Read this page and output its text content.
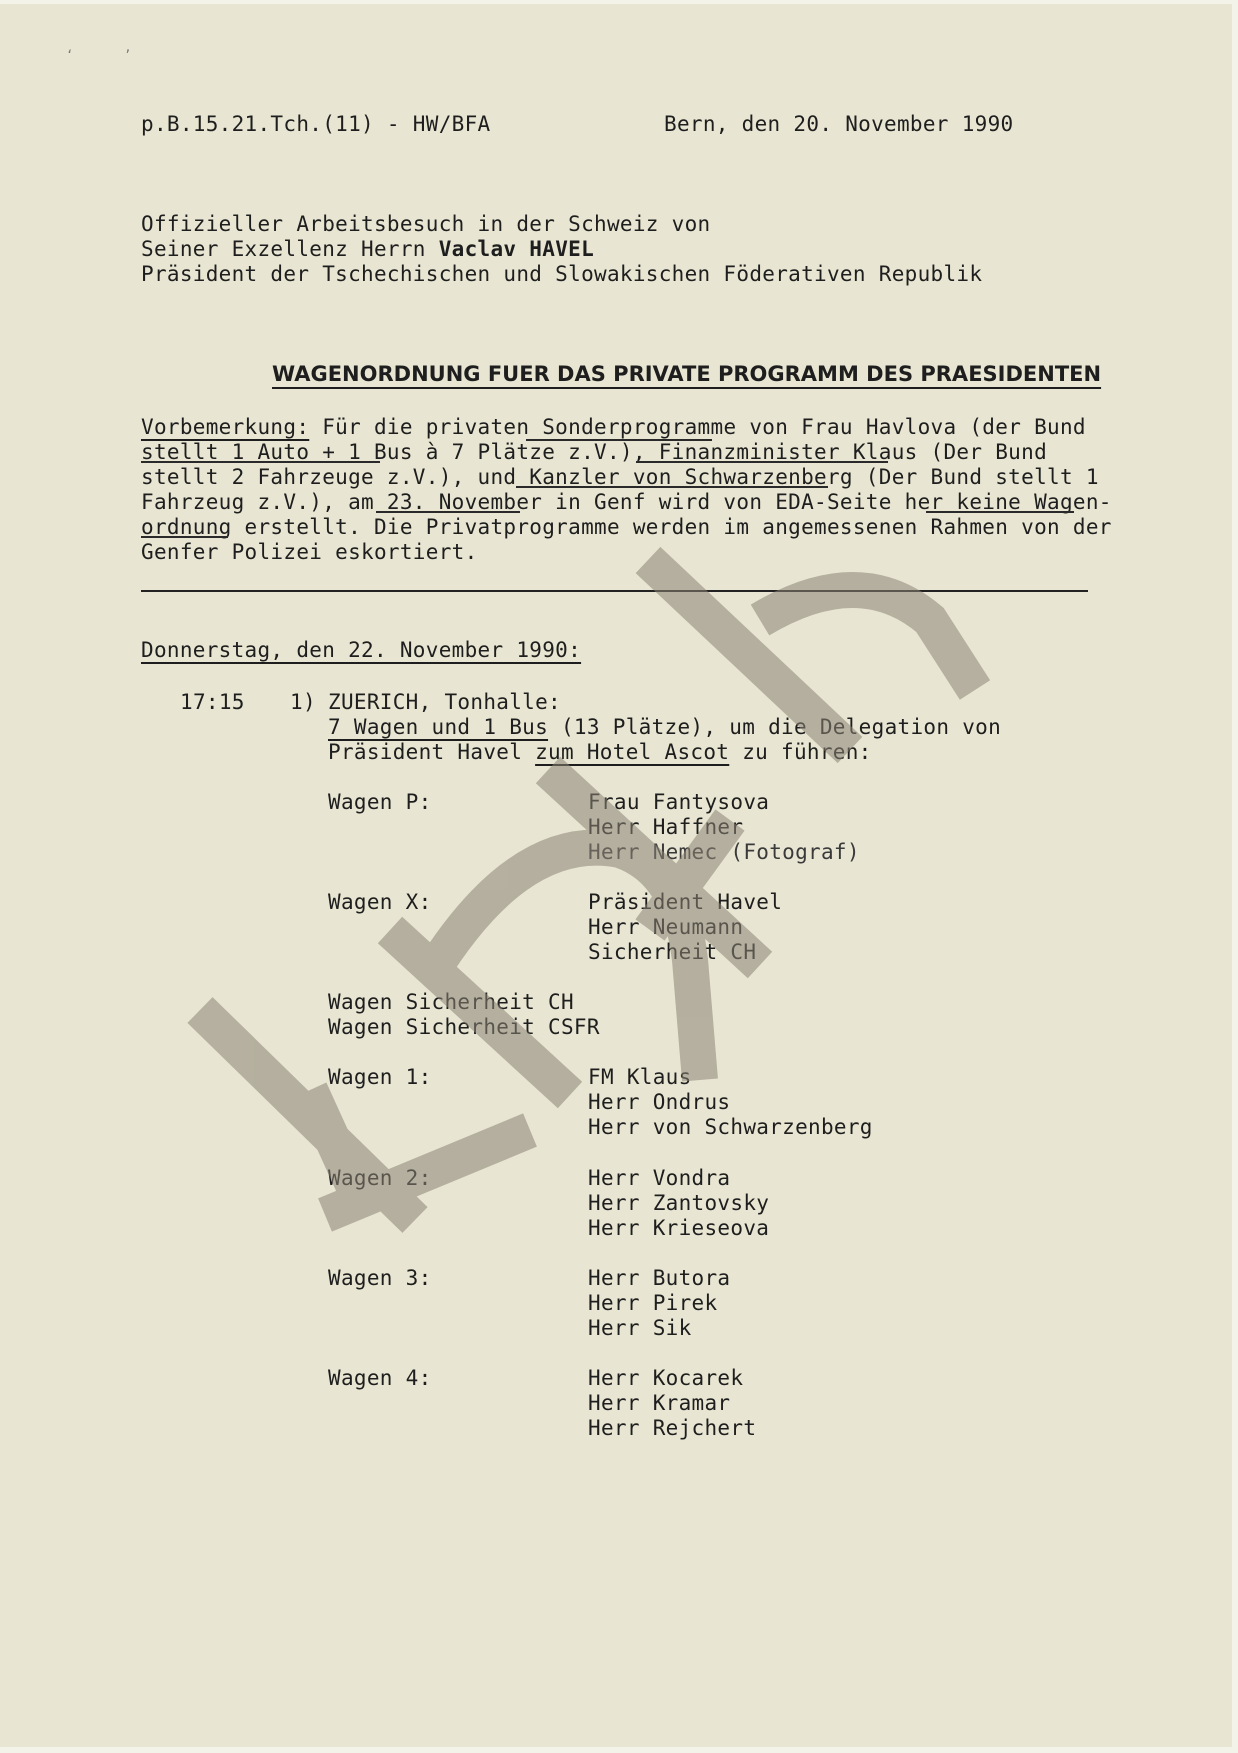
p.B.15.21.Tch.(11) - HW/BFA	Bern, den 20. November 1990
Offizieller Arbeitsbesuch in der Schweiz von
Seiner Exzellenz Herrn Vaclav HAVEL
Präsident der Tschechischen und Slowakischen Föderativen Republik
WAGENORDNUNG FUER DAS PRIVATE PROGRAMM DES PRAESIDENTEN
Vorbemerkung: Für die privaten Sonderprogramme von Frau Havlova (der Bund
stellt 1 Auto + 1 Bus à 7 Plätze z.V.), Finanzminister Klaus (Der Bund
stellt 2 Fahrzeuge z.V.), und Kanzler von Schwarzenberg (Der Bund stellt 1
Fahrzeug z.V.), am 23. November in Genf wird von EDA-Seite her keine Wagen-
ordnung erstellt. Die Privatprogramme werden im angemessenen Rahmen von der
Genfer Polizei eskortiert.
Donnerstag, den 22. November 1990:
17:15 1) ZUERICH, Tonhalle:
7 Wagen und 1 Bus (13 Plätze), um die Delegation von
Präsident Havel zum Hotel Ascot zu führen:
Wagen P:	Frau Fantysova
Herr Haffner
Herr Nemec (Fotograf)
Wagen X:	Präsident Havel
Herr Neumann
Sicherheit CH
Wagen Sicherheit CH
Wagen Sicherheit CSFR
Wagen 1:	FM Klaus
Herr Ondrus
Herr von Schwarzenberg
Wagen 2:	Herr Vondra
Herr Zantovsky
Herr Krieseova
Wagen 3:	Herr Butora
Herr Pirek
Herr Sik
Wagen 4:	Herr Kocarek
Herr Kramar
Herr Rejchert
ʻ	ʼ
